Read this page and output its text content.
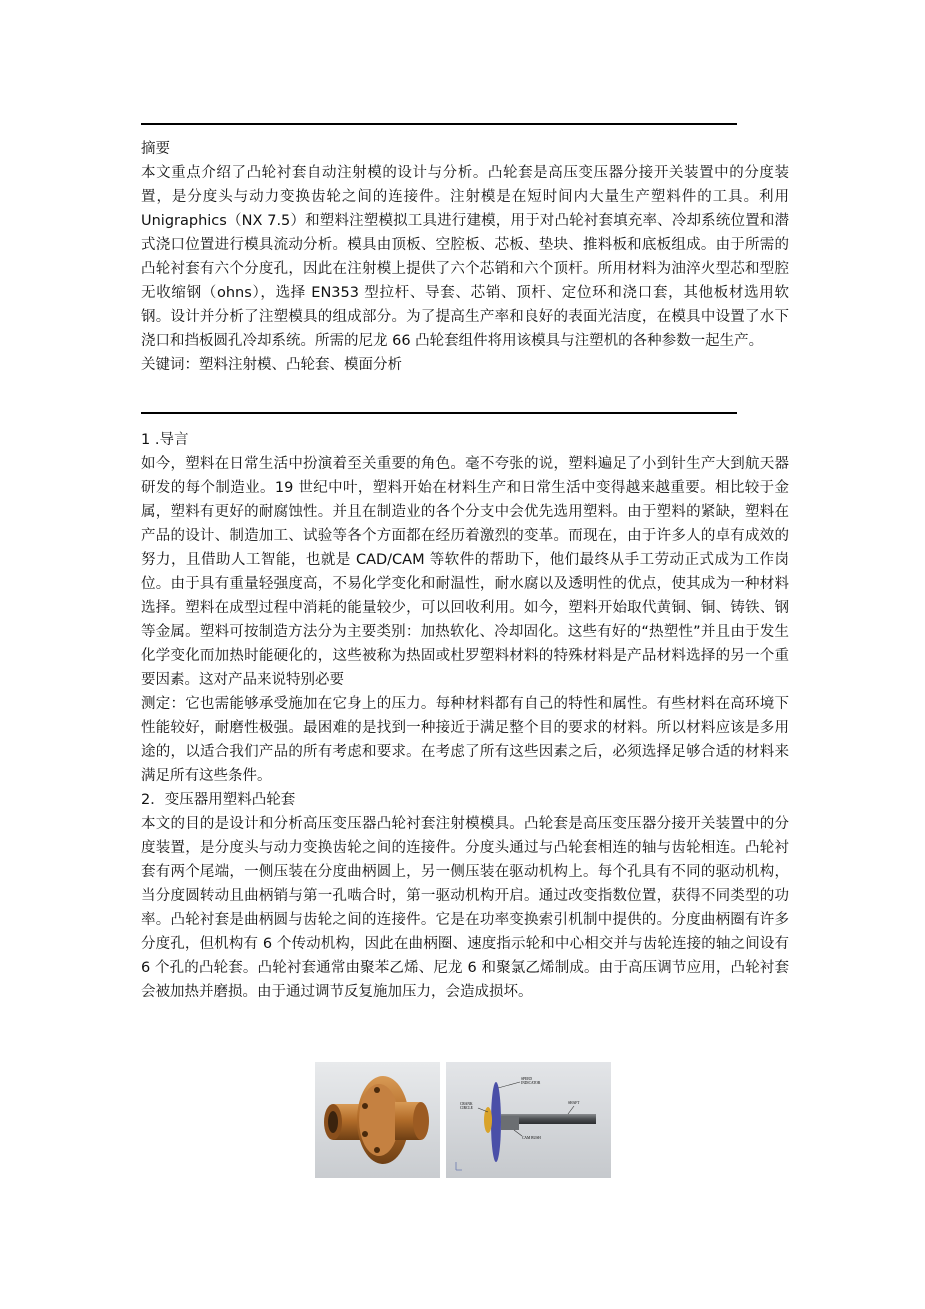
摘要

本文重点介绍了凸轮衬套自动注射模的设计与分析。凸轮套是高压变压器分接开关装置中的分度装置，是分度头与动力变换齿轮之间的连接件。注射模是在短时间内大量生产塑料件的工具。利用 Unigraphics（NX 7.5）和塑料注塑模拟工具进行建模，用于对凸轮衬套填充率、冷却系统位置和潜式浇口位置进行模具流动分析。模具由顶板、空腔板、芯板、垫块、推料板和底板组成。由于所需的凸轮衬套有六个分度孔，因此在注射模上提供了六个芯销和六个顶杆。所用材料为油淬火型芯和型腔无收缩钢（ohns），选择 EN353 型拉杆、导套、芯销、顶杆、定位环和浇口套，其他板材选用软钢。设计并分析了注塑模具的组成部分。为了提高生产率和良好的表面光洁度，在模具中设置了水下浇口和挡板圆孔冷却系统。所需的尼龙 66 凸轮套组件将用该模具与注塑机的各种参数一起生产。

关键词：塑料注射模、凸轮套、模面分析

1 .导言

如今，塑料在日常生活中扮演着至关重要的角色。毫不夸张的说，塑料遍足了小到针生产大到航天器研发的每个制造业。19 世纪中叶，塑料开始在材料生产和日常生活中变得越来越重要。相比较于金属，塑料有更好的耐腐蚀性。并且在制造业的各个分支中会优先选用塑料。由于塑料的紧缺，塑料在产品的设计、制造加工、试验等各个方面都在经历着激烈的变革。而现在，由于许多人的卓有成效的努力，且借助人工智能，也就是 CAD/CAM 等软件的帮助下，他们最终从手工劳动正式成为工作岗位。由于具有重量轻强度高，不易化学变化和耐温性，耐水腐以及透明性的优点，使其成为一种材料选择。塑料在成型过程中消耗的能量较少，可以回收利用。如今，塑料开始取代黄铜、铜、铸铁、钢等金属。塑料可按制造方法分为主要类别：加热软化、冷却固化。这些有好的“热塑性”并且由于发生化学变化而加热时能硬化的，这些被称为热固或杜罗塑料材料的特殊材料是产品材料选择的另一个重要因素。这对产品来说特别必要

测定：它也需能够承受施加在它身上的压力。每种材料都有自己的特性和属性。有些材料在高环境下性能较好，耐磨性极强。最困难的是找到一种接近于满足整个目的要求的材料。所以材料应该是多用途的，以适合我们产品的所有考虑和要求。在考虑了所有这些因素之后，必须选择足够合适的材料来满足所有这些条件。

2．变压器用塑料凸轮套

本文的目的是设计和分析高压变压器凸轮衬套注射模模具。凸轮套是高压变压器分接开关装置中的分度装置，是分度头与动力变换齿轮之间的连接件。分度头通过与凸轮套相连的轴与齿轮相连。凸轮衬套有两个尾端，一侧压装在分度曲柄圆上，另一侧压装在驱动机构上。每个孔具有不同的驱动机构，当分度圆转动且曲柄销与第一孔啮合时，第一驱动机构开启。通过改变指数位置，获得不同类型的功率。凸轮衬套是曲柄圆与齿轮之间的连接件。它是在功率变换索引机制中提供的。分度曲柄圈有许多分度孔，但机构有 6 个传动机构，因此在曲柄圈、速度指示轮和中心相交并与齿轮连接的轴之间设有 6 个孔的凸轮套。凸轮衬套通常由聚苯乙烯、尼龙 6 和聚氯乙烯制成。由于高压调节应用，凸轮衬套会被加热并磨损。由于通过调节反复施加压力，会造成损坏。

SPEED
INDICATOR
CRANK
CIRCLE
SHAFT
CAM BUSH
